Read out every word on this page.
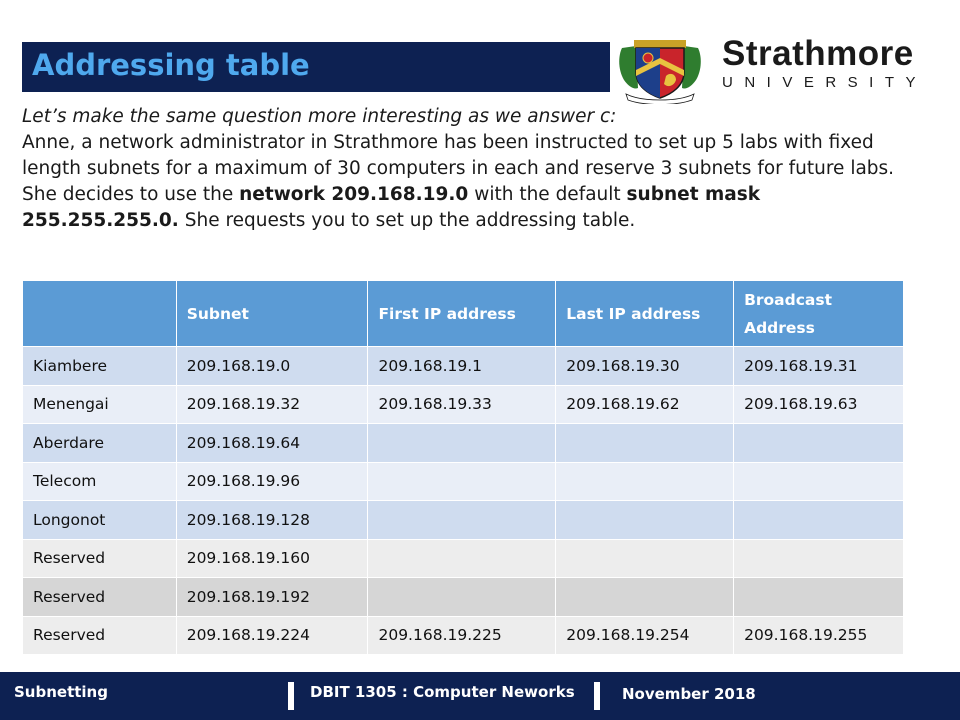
Addressing table	Strathmore
UNIVERSITY
Let’s make the same question more interesting as we answer c:
Anne, a network administrator in Strathmore has been instructed to set up 5 labs with fixed length subnets for a maximum of 30 computers in each and reserve 3 subnets for future labs. She decides to use the network 209.168.19.0 with the default subnet mask 255.255.255.0. She requests you to set up the addressing table.
	Subnet	First IP address	Last IP address	Broadcast Address
Kiambere	209.168.19.0	209.168.19.1	209.168.19.30	209.168.19.31
Menengai	209.168.19.32	209.168.19.33	209.168.19.62	209.168.19.63
Aberdare	209.168.19.64			
Telecom	209.168.19.96			
Longonot	209.168.19.128			
Reserved	209.168.19.160			
Reserved	209.168.19.192			
Reserved	209.168.19.224	209.168.19.225	209.168.19.254	209.168.19.255
Subnetting	DBIT 1305 : Computer Neworks	November 2018
